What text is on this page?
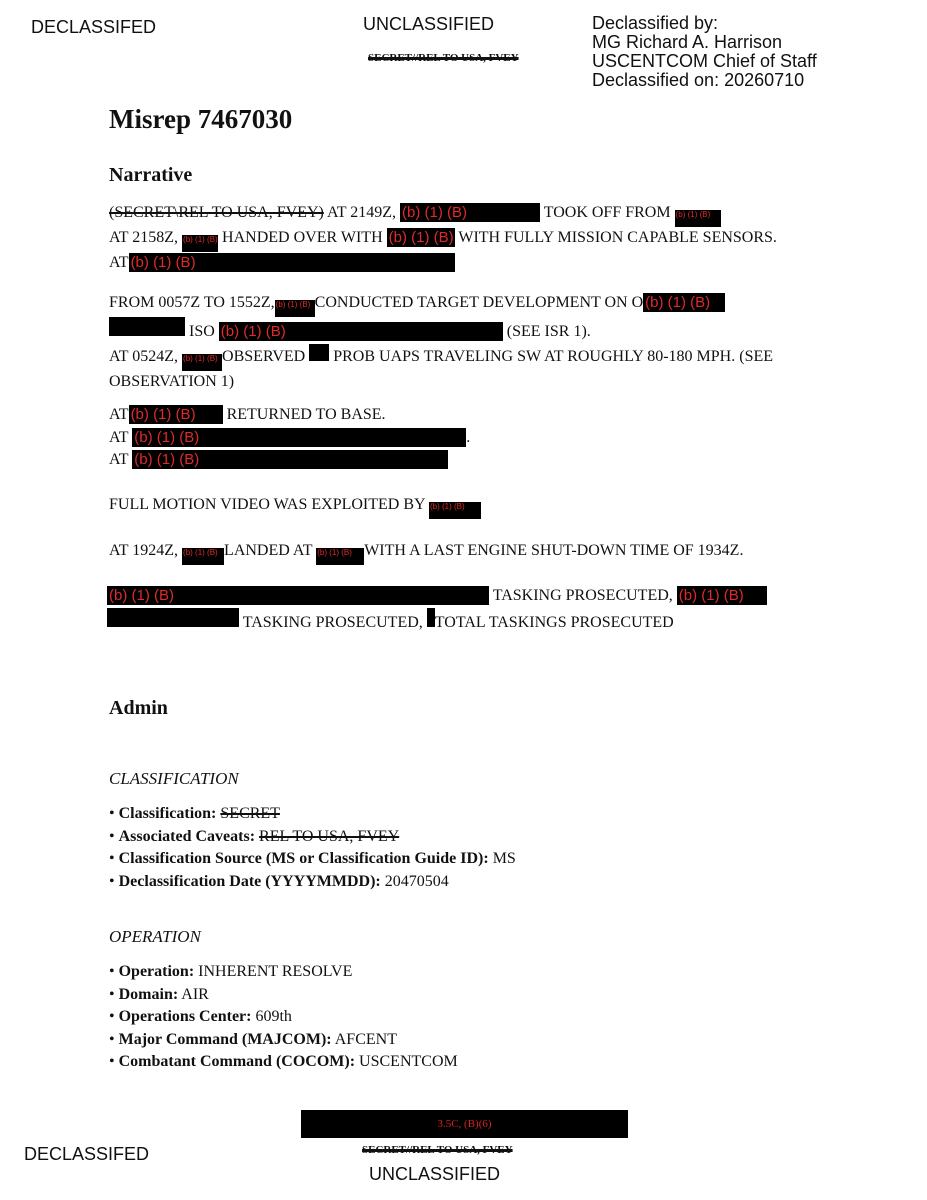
DECLASSIFED	UNCLASSIFIED
SECRET//REL TO USA, FVEY
Declassified by:
MG Richard A. Harrison
USCENTCOM Chief of Staff
Declassified on: 20260710
Misrep 7467030
Narrative
(SECRET\REL TO USA, FVEY) AT 2149Z, (b) (1) (B)	TOOK OFF FROM (b) (1) (B)
AT 2158Z, (b) (1) (B) HANDED OVER WITH (b) (1) (B) WITH FULLY MISSION CAPABLE SENSORS.
AT (b) (1) (B)
FROM 0057Z TO 1552Z,(b) (1) (B) CONDUCTED TARGET DEVELOPMENT ON O (b) (1) (B)
ISO (b) (1) (B)	(SEE ISR 1).
AT 0524Z, (b) (1) (B) OBSERVED PROB UAPS TRAVELING SW AT ROUGHLY 80-180 MPH. (SEE
OBSERVATION 1)
AT (b) (1) (B) RETURNED TO BASE.
AT (b) (1) (B)	.
AT (b) (1) (B)
FULL MOTION VIDEO WAS EXPLOITED BY (b) (1) (B)
AT 1924Z, (b) (1) (B) LANDED AT (b) (1) (B) WITH A LAST ENGINE SHUT-DOWN TIME OF 1934Z.
(b) (1) (B)	TASKING PROSECUTED, (b) (1) (B)
TASKING PROSECUTED, TOTAL TASKINGS PROSECUTED
Admin
CLASSIFICATION
• Classification: SECRET
• Associated Caveats: REL TO USA, FVEY
• Classification Source (MS or Classification Guide ID): MS
• Declassification Date (YYYYMMDD): 20470504
OPERATION
• Operation: INHERENT RESOLVE
• Domain: AIR
• Operations Center: 609th
• Major Command (MAJCOM): AFCENT
• Combatant Command (COCOM): USCENTCOM
3.5C, (B)(6)
DECLASSIFED	SECRET//REL TO USA, FVEY
UNCLASSIFIED
